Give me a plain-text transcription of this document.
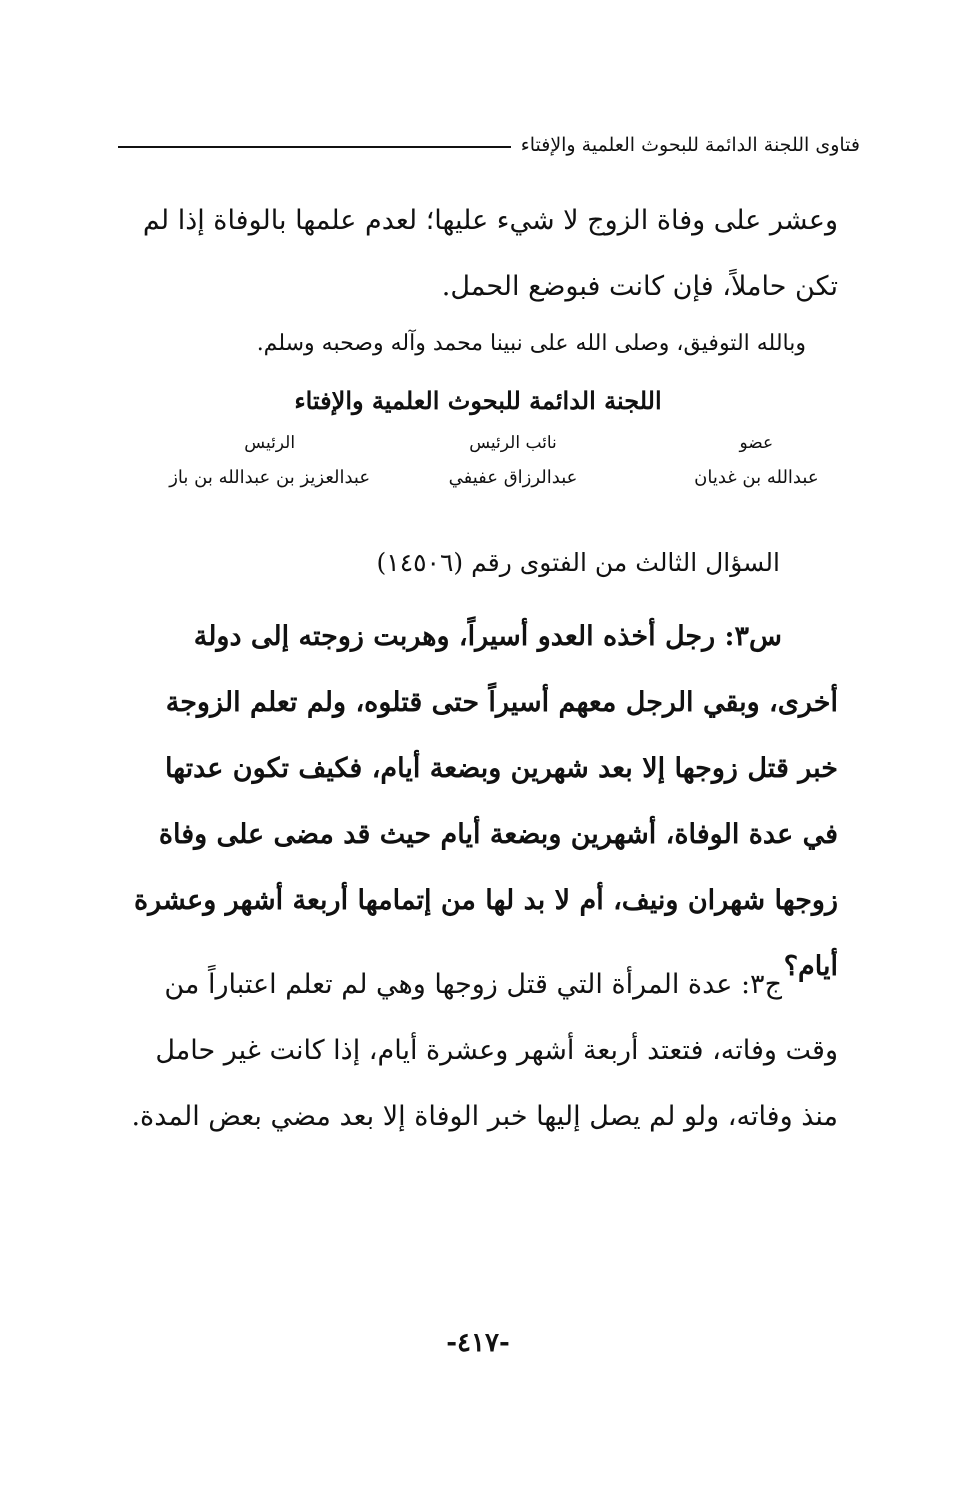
فتاوى اللجنة الدائمة للبحوث العلمية والإفتاء
وعشر على وفاة الزوج لا شيء عليها؛ لعدم علمها بالوفاة إذا لم
تكن حاملاً، فإن كانت فبوضع الحمل.
وبالله التوفيق، وصلى الله على نبينا محمد وآله وصحبه وسلم.
اللجنة الدائمة للبحوث العلمية والإفتاء
عضو
نائب الرئيس
الرئيس
عبدالله بن غديان
عبدالرزاق عفيفي
عبدالعزيز بن عبدالله بن باز
السؤال الثالث من الفتوى رقم (١٤٥٠٦)
س٣: رجل أخذه العدو أسيراً، وهربت زوجته إلى دولة
أخرى، وبقي الرجل معهم أسيراً حتى قتلوه، ولم تعلم الزوجة
خبر قتل زوجها إلا بعد شهرين وبضعة أيام، فكيف تكون عدتها
في عدة الوفاة، أشهرين وبضعة أيام حيث قد مضى على وفاة
زوجها شهران ونيف، أم لا بد لها من إتمامها أربعة أشهر وعشرة
أيام؟
ج٣: عدة المرأة التي قتل زوجها وهي لم تعلم اعتباراً من
وقت وفاته، فتعتد أربعة أشهر وعشرة أيام، إذا كانت غير حامل
منذ وفاته، ولو لم يصل إليها خبر الوفاة إلا بعد مضي بعض المدة.
-٤١٧-
